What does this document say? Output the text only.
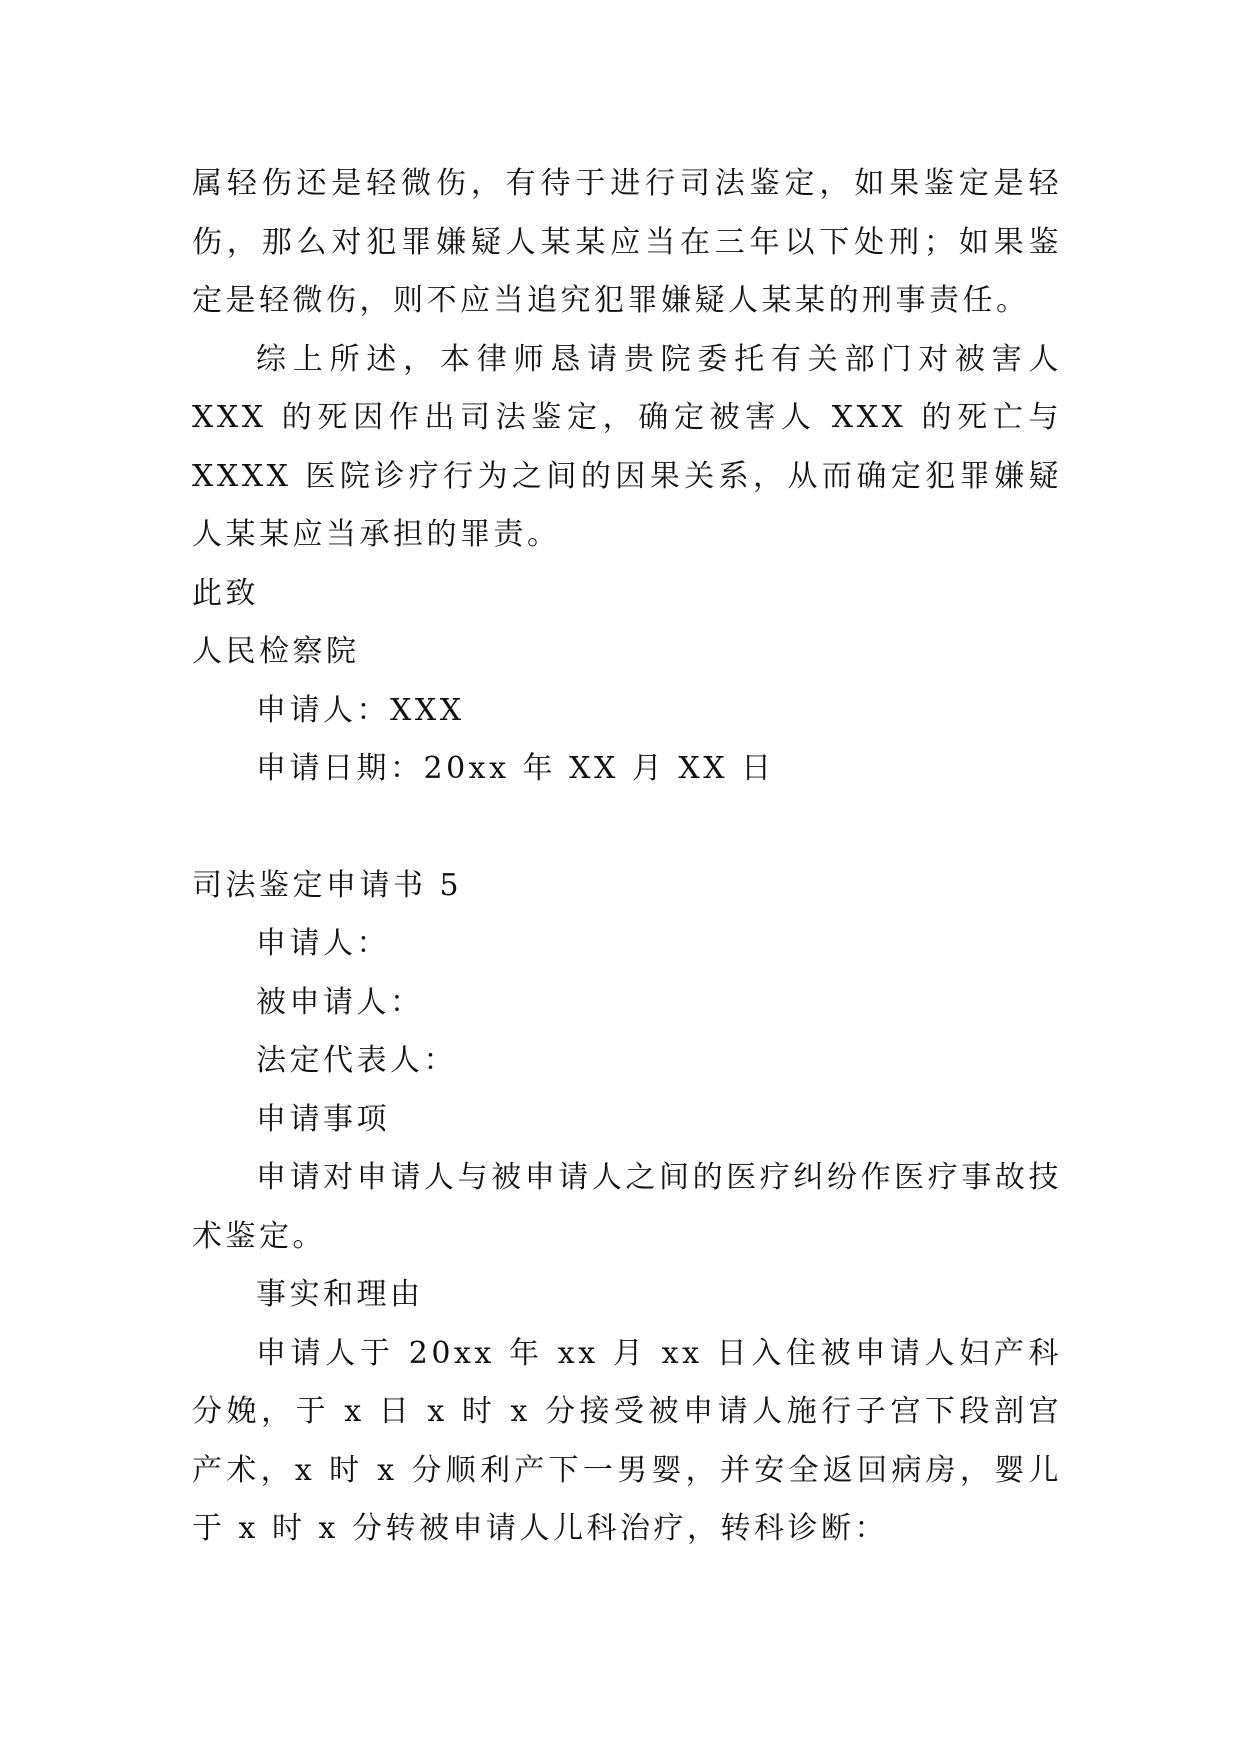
属轻伤还是轻微伤，有待于进行司法鉴定，如果鉴定是轻伤，那么对犯罪嫌疑人某某应当在三年以下处刑；如果鉴定是轻微伤，则不应当追究犯罪嫌疑人某某的刑事责任。

综上所述，本律师恳请贵院委托有关部门对被害人 XXX 的死因作出司法鉴定，确定被害人 XXX 的死亡与 XXXX 医院诊疗行为之间的因果关系，从而确定犯罪嫌疑人某某应当承担的罪责。

此致

人民检察院

申请人：XXX

申请日期：20xx 年 XX 月 XX 日

司法鉴定申请书 5

申请人：

被申请人：

法定代表人：

申请事项

申请对申请人与被申请人之间的医疗纠纷作医疗事故技术鉴定。

事实和理由

申请人于 20xx 年 xx 月 xx 日入住被申请人妇产科分娩，于 x 日 x 时 x 分接受被申请人施行子宫下段剖宫产术，x 时 x 分顺利产下一男婴，并安全返回病房，婴儿于 x 时 x 分转被申请人儿科治疗，转科诊断：
